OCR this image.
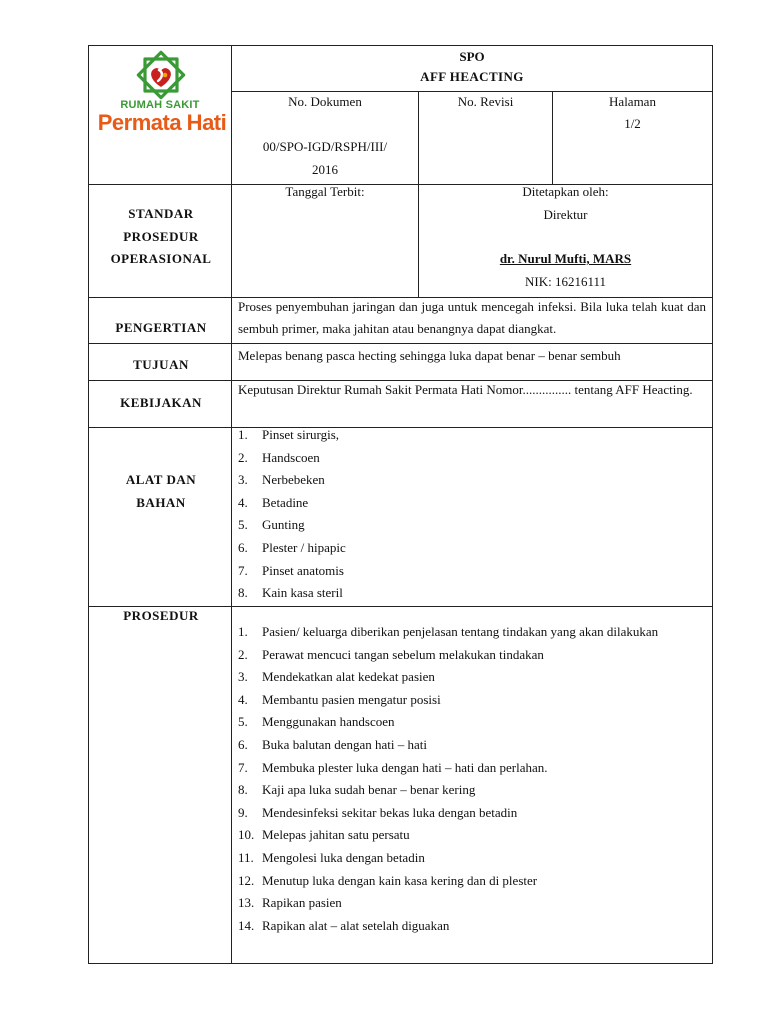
RUMAH SAKIT
Permata Hati
SPO
AFF HEACTING
No. Dokumen
00/SPO-IGD/RSPH/III/
2016
No. Revisi	Halaman
1/2
STANDAR
PROSEDUR
OPERASIONAL
Tanggal Terbit:	Ditetapkan oleh:
Direktur
dr. Nurul Mufti, MARS
NIK: 16216111
PENGERTIAN
Proses penyembuhan jaringan dan juga untuk mencegah infeksi. Bila luka telah kuat dan sembuh primer, maka jahitan atau benangnya dapat diangkat.
TUJUAN
Melepas benang pasca hecting sehingga luka dapat benar – benar sembuh
KEBIJAKAN
Keputusan Direktur Rumah Sakit Permata Hati Nomor............... tentang AFF Heacting.
ALAT DAN
BAHAN
1. Pinset sirurgis,
2. Handscoen
3. Nerbebeken
4. Betadine
5. Gunting
6. Plester / hipapic
7. Pinset anatomis
8. Kain kasa steril
PROSEDUR
1. Pasien/ keluarga diberikan penjelasan tentang tindakan yang akan dilakukan
2. Perawat mencuci tangan sebelum melakukan tindakan
3. Mendekatkan alat kedekat pasien
4. Membantu pasien mengatur posisi
5. Menggunakan handscoen
6. Buka balutan dengan hati – hati
7. Membuka plester luka dengan hati – hati dan perlahan.
8. Kaji apa luka sudah benar – benar kering
9. Mendesinfeksi sekitar bekas luka dengan betadin
10. Melepas jahitan satu persatu
11. Mengolesi luka dengan betadin
12. Menutup luka dengan kain kasa kering dan di plester
13. Rapikan pasien
14. Rapikan alat – alat setelah diguakan
